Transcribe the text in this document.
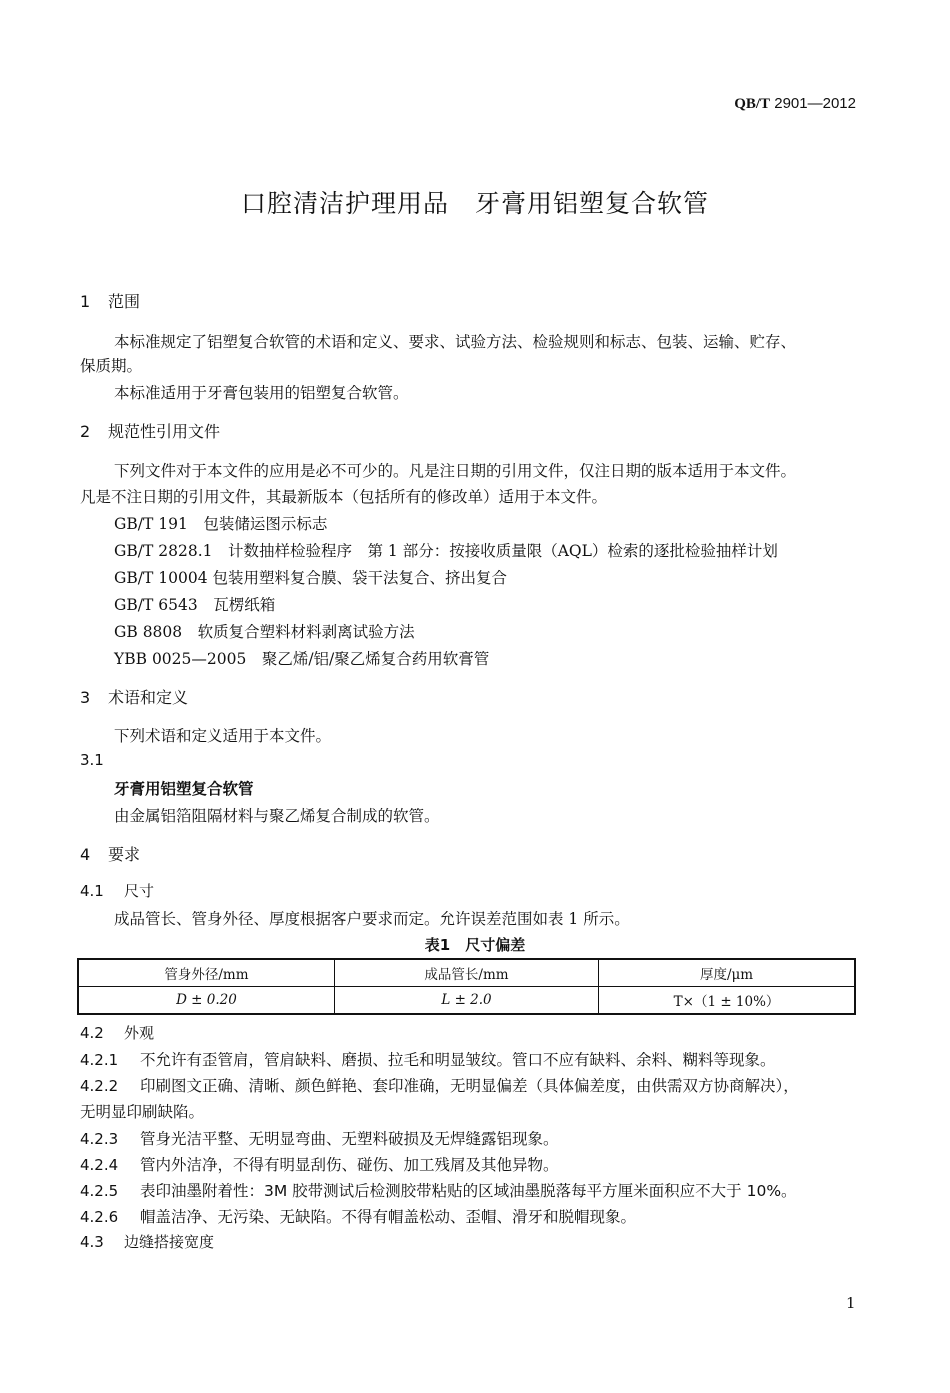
QB/T 2901—2012
口腔清洁护理用品　牙膏用铝塑复合软管
1 范围
本标准规定了铝塑复合软管的术语和定义、要求、试验方法、检验规则和标志、包装、运输、贮存、
保质期。
本标准适用于牙膏包装用的铝塑复合软管。
2 规范性引用文件
下列文件对于本文件的应用是必不可少的。凡是注日期的引用文件，仅注日期的版本适用于本文件。
凡是不注日期的引用文件，其最新版本（包括所有的修改单）适用于本文件。
GB/T 191　包装储运图示标志
GB/T 2828.1　计数抽样检验程序　第 1 部分：按接收质量限（AQL）检索的逐批检验抽样计划
GB/T 10004 包装用塑料复合膜、袋干法复合、挤出复合
GB/T 6543　瓦楞纸箱
GB 8808　软质复合塑料材料剥离试验方法
YBB 0025—2005　聚乙烯/铝/聚乙烯复合药用软膏管
3 术语和定义
下列术语和定义适用于本文件。
3.1
牙膏用铝塑复合软管
由金属铝箔阻隔材料与聚乙烯复合制成的软管。
4 要求
4.1 尺寸
成品管长、管身外径、厚度根据客户要求而定。允许误差范围如表 1 所示。
表1　尺寸偏差
管身外径/mm	成品管长/mm	厚度/μm
D ± 0.20	L ± 2.0	T×（1 ± 10%）
4.2 外观
4.2.1 不允许有歪管肩，管肩缺料、磨损、拉毛和明显皱纹。管口不应有缺料、余料、糊料等现象。
4.2.2 印刷图文正确、清晰、颜色鲜艳、套印准确，无明显偏差（具体偏差度，由供需双方协商解决），
无明显印刷缺陷。
4.2.3 管身光洁平整、无明显弯曲、无塑料破损及无焊缝露铝现象。
4.2.4 管内外洁净，不得有明显刮伤、碰伤、加工残屑及其他异物。
4.2.5 表印油墨附着性：3M 胶带测试后检测胶带粘贴的区域油墨脱落每平方厘米面积应不大于 10%。
4.2.6 帽盖洁净、无污染、无缺陷。不得有帽盖松动、歪帽、滑牙和脱帽现象。
4.3 边缝搭接宽度
1
